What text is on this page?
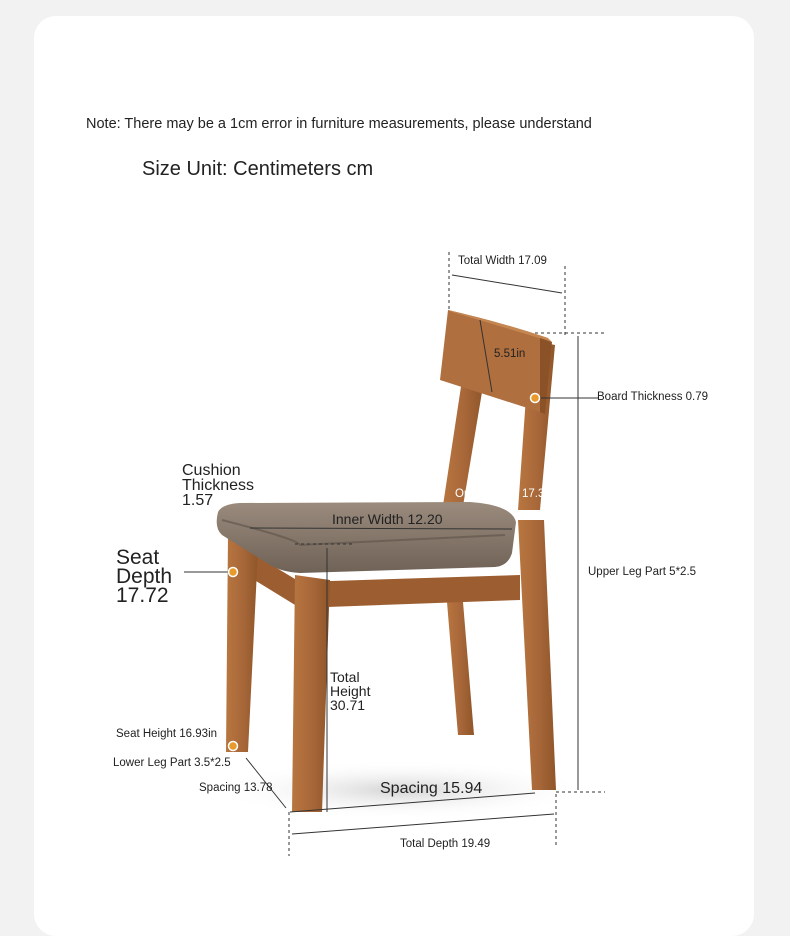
Note: There may be a 1cm error in furniture measurements, please understand
Size Unit: Centimeters cm
Total Width 17.09
5.51in
Board Thickness 0.79
Cushion
Thickness
1.57	Out	17.3
Inner Width 12.20
Seat
Depth
17.72
Upper Leg Part 5*2.5
Total
Height
30.71
Seat Height 16.93in
Lower Leg Part 3.5*2.5
Spacing 15.94
Spacing 13.78
Total Depth 19.49
